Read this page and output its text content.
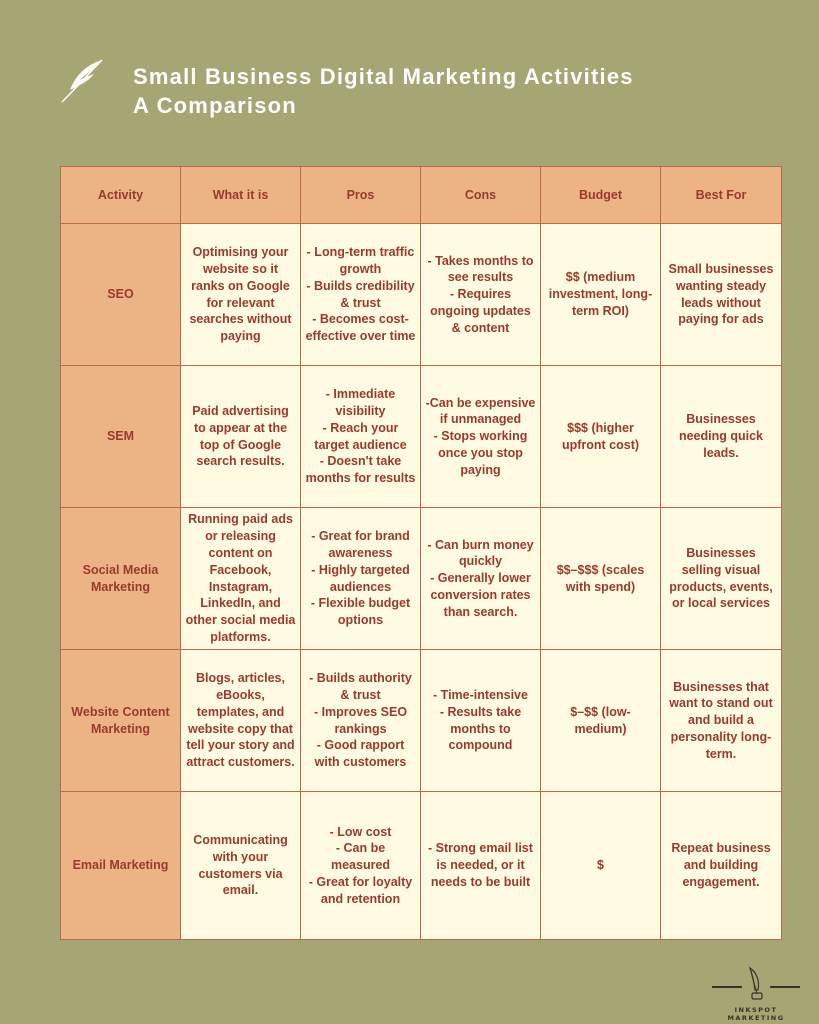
Small Business Digital Marketing Activities
A Comparison
Activity	What it is	Pros	Cons	Budget	Best For
SEO	Optimising your website so it ranks on Google for relevant searches without paying	- Long-term traffic growth
- Builds credibility & trust
- Becomes cost-effective over time	- Takes months to see results
- Requires ongoing updates & content	$$ (medium investment, long-term ROI)	Small businesses wanting steady leads without paying for ads
SEM	Paid advertising to appear at the top of Google search results.	- Immediate visibility
- Reach your target audience
- Doesn't take months for results	-Can be expensive if unmanaged
- Stops working once you stop paying	$$$ (higher upfront cost)	Businesses needing quick leads.
Social Media Marketing	Running paid ads or releasing content on Facebook, Instagram, LinkedIn, and other social media platforms.	- Great for brand awareness
- Highly targeted audiences
- Flexible budget options	- Can burn money quickly
- Generally lower conversion rates than search.	$$–$$$ (scales with spend)	Businesses selling visual products, events, or local services
Website Content Marketing	Blogs, articles, eBooks, templates, and website copy that tell your story and attract customers.	- Builds authority & trust
- Improves SEO rankings
- Good rapport with customers	- Time-intensive
- Results take months to compound	$–$$ (low-medium)	Businesses that want to stand out and build a personality long-term.
Email Marketing	Communicating with your customers via email.	- Low cost
- Can be measured
- Great for loyalty and retention	- Strong email list is needed, or it needs to be built	$	Repeat business and building engagement.
INKSPOT MARKETING
